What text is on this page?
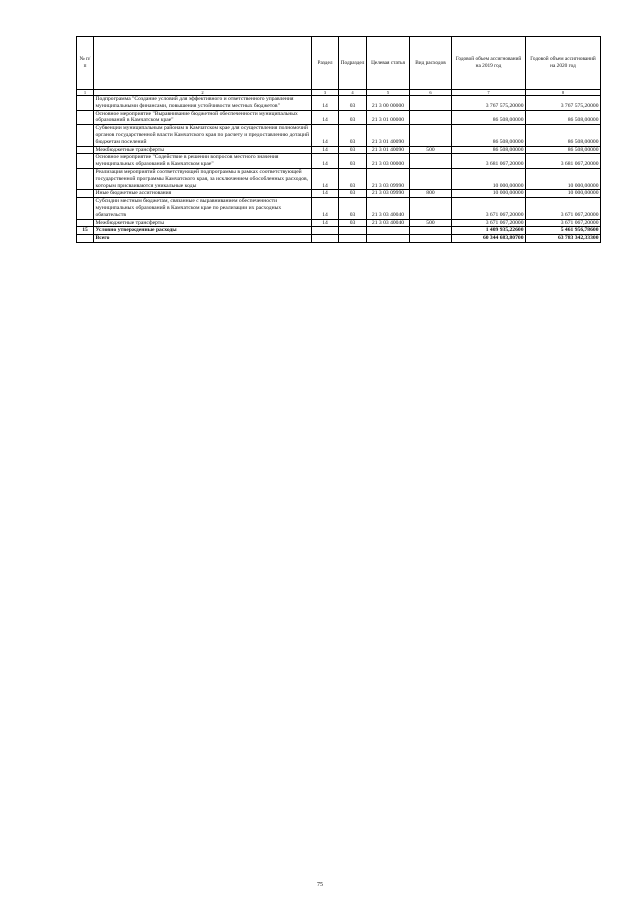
№ п/п		Раздел	Подраздел	Целевая статья	Вид расходов	Годовой объем ассигнований на 2019 год	Годовой объем ассигнований на 2020 год
1	2	3	4	5	6	7	8
	Подпрограмма "Создание условий для эффективного и ответственного управления муниципальными финансами, повышения устойчивости местных бюджетов"	14	03	21 3 00 00000		3 767 575,20000	3 767 575,20000
	Основное мероприятие "Выравнивание бюджетной обеспеченности муниципальных образований в Камчатском крае"	14	03	21 3 01 00000		86 508,00000	86 508,00000
	Субвенции муниципальным районам в Камчатском крае для осуществления полномочий органов государственной власти Камчатского края по расчету и предоставлению дотаций бюджетам поселений	14	03	21 3 01 40090		86 508,00000	86 508,00000
	Межбюджетные трансферты	14	03	21 3 01 40090	500	86 508,00000	86 508,00000
	Основное мероприятие "Содействие в решении вопросов местного значения муниципальных образований в Камчатском крае"	14	03	21 3 03 00000		3 681 067,20000	3 681 067,20000
	Реализация мероприятий соответствующей подпрограммы в рамках соответствующей государственной программы Камчатского края, за исключением обособленных расходов, которым присваиваются уникальные коды	14	03	21 3 03 09990		10 000,00000	10 000,00000
	Иные бюджетные ассигнования	14	03	21 3 03 09990	800	10 000,00000	10 000,00000
	Субсидии местным бюджетам, связанные с выравниванием обеспеченности муниципальных образований в Камчатском крае по реализации их расходных обязательств	14	03	21 3 03 40040		3 671 067,20000	3 671 067,20000
	Межбюджетные трансферты	14	03	21 3 03 40040	500	3 671 067,20000	3 671 067,20000
15	Условно утвержденные расходы					1 409 935,22600	5 461 956,78600
	Всего					60 344 683,80700	63 783 342,33300
75
